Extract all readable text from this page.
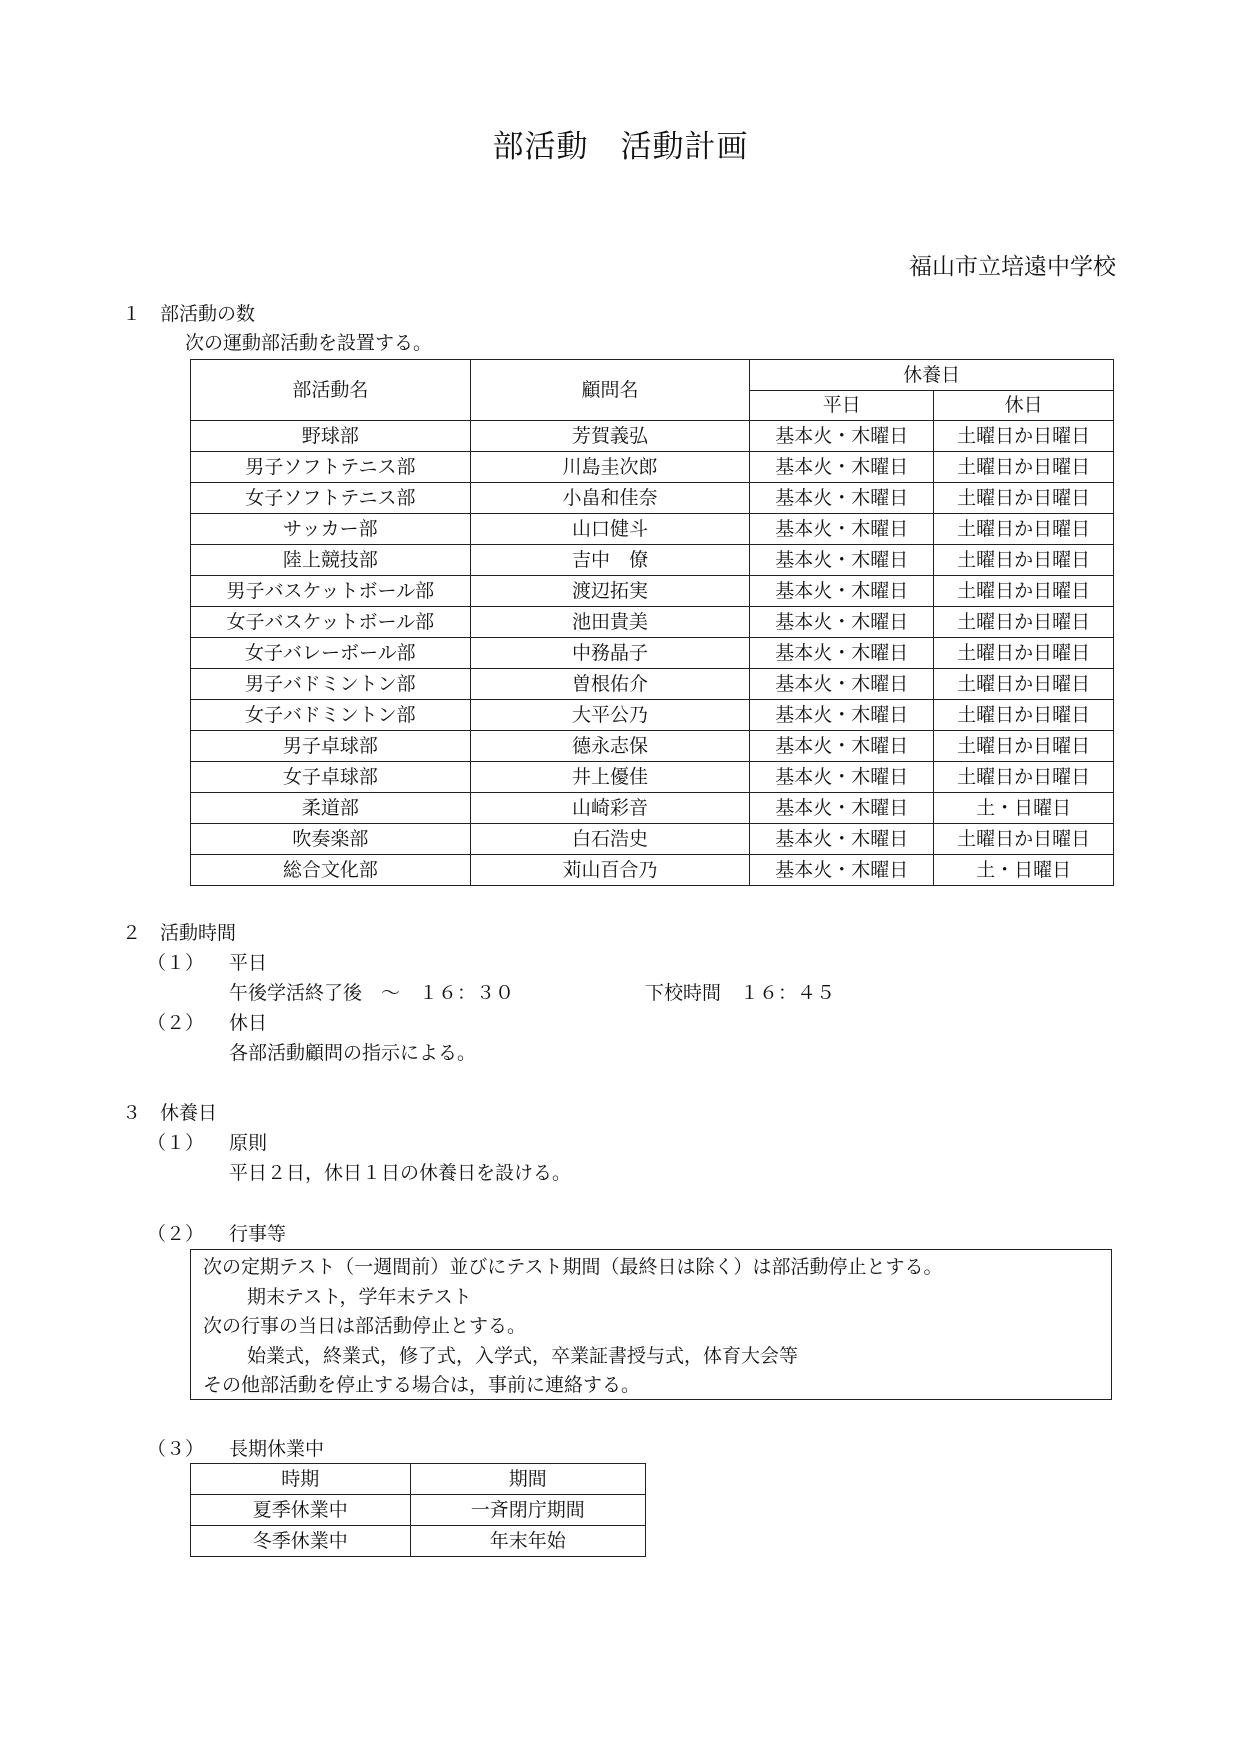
部活動　活動計画
福山市立培遠中学校
１　部活動の数
次の運動部活動を設置する。
部活動名	顧問名	休養日	
		平日	休日
野球部	芳賀義弘	基本火・木曜日	土曜日か日曜日
男子ソフトテニス部	川島圭次郎	基本火・木曜日	土曜日か日曜日
女子ソフトテニス部	小畠和佳奈	基本火・木曜日	土曜日か日曜日
サッカー部	山口健斗	基本火・木曜日	土曜日か日曜日
陸上競技部	吉中　僚	基本火・木曜日	土曜日か日曜日
男子バスケットボール部	渡辺拓実	基本火・木曜日	土曜日か日曜日
女子バスケットボール部	池田貴美	基本火・木曜日	土曜日か日曜日
女子バレーボール部	中務晶子	基本火・木曜日	土曜日か日曜日
男子バドミントン部	曽根佑介	基本火・木曜日	土曜日か日曜日
女子バドミントン部	大平公乃	基本火・木曜日	土曜日か日曜日
男子卓球部	德永志保	基本火・木曜日	土曜日か日曜日
女子卓球部	井上優佳	基本火・木曜日	土曜日か日曜日
柔道部	山崎彩音	基本火・木曜日	土・日曜日
吹奏楽部	白石浩史	基本火・木曜日	土曜日か日曜日
総合文化部	苅山百合乃	基本火・木曜日	土・日曜日
２　活動時間
（１） 平日
午後学活終了後　～　１６：３０	下校時間　１６：４５
（２） 休日
各部活動顧問の指示による。
３　休養日
（１） 原則
平日２日，休日１日の休養日を設ける。
（２） 行事等
次の定期テスト（一週間前）並びにテスト期間（最終日は除く）は部活動停止とする。
期末テスト，学年末テスト
次の行事の当日は部活動停止とする。
始業式，終業式，修了式，入学式，卒業証書授与式，体育大会等
その他部活動を停止する場合は，事前に連絡する。
（３） 長期休業中
時期	期間
夏季休業中	一斉閉庁期間
冬季休業中	年末年始
